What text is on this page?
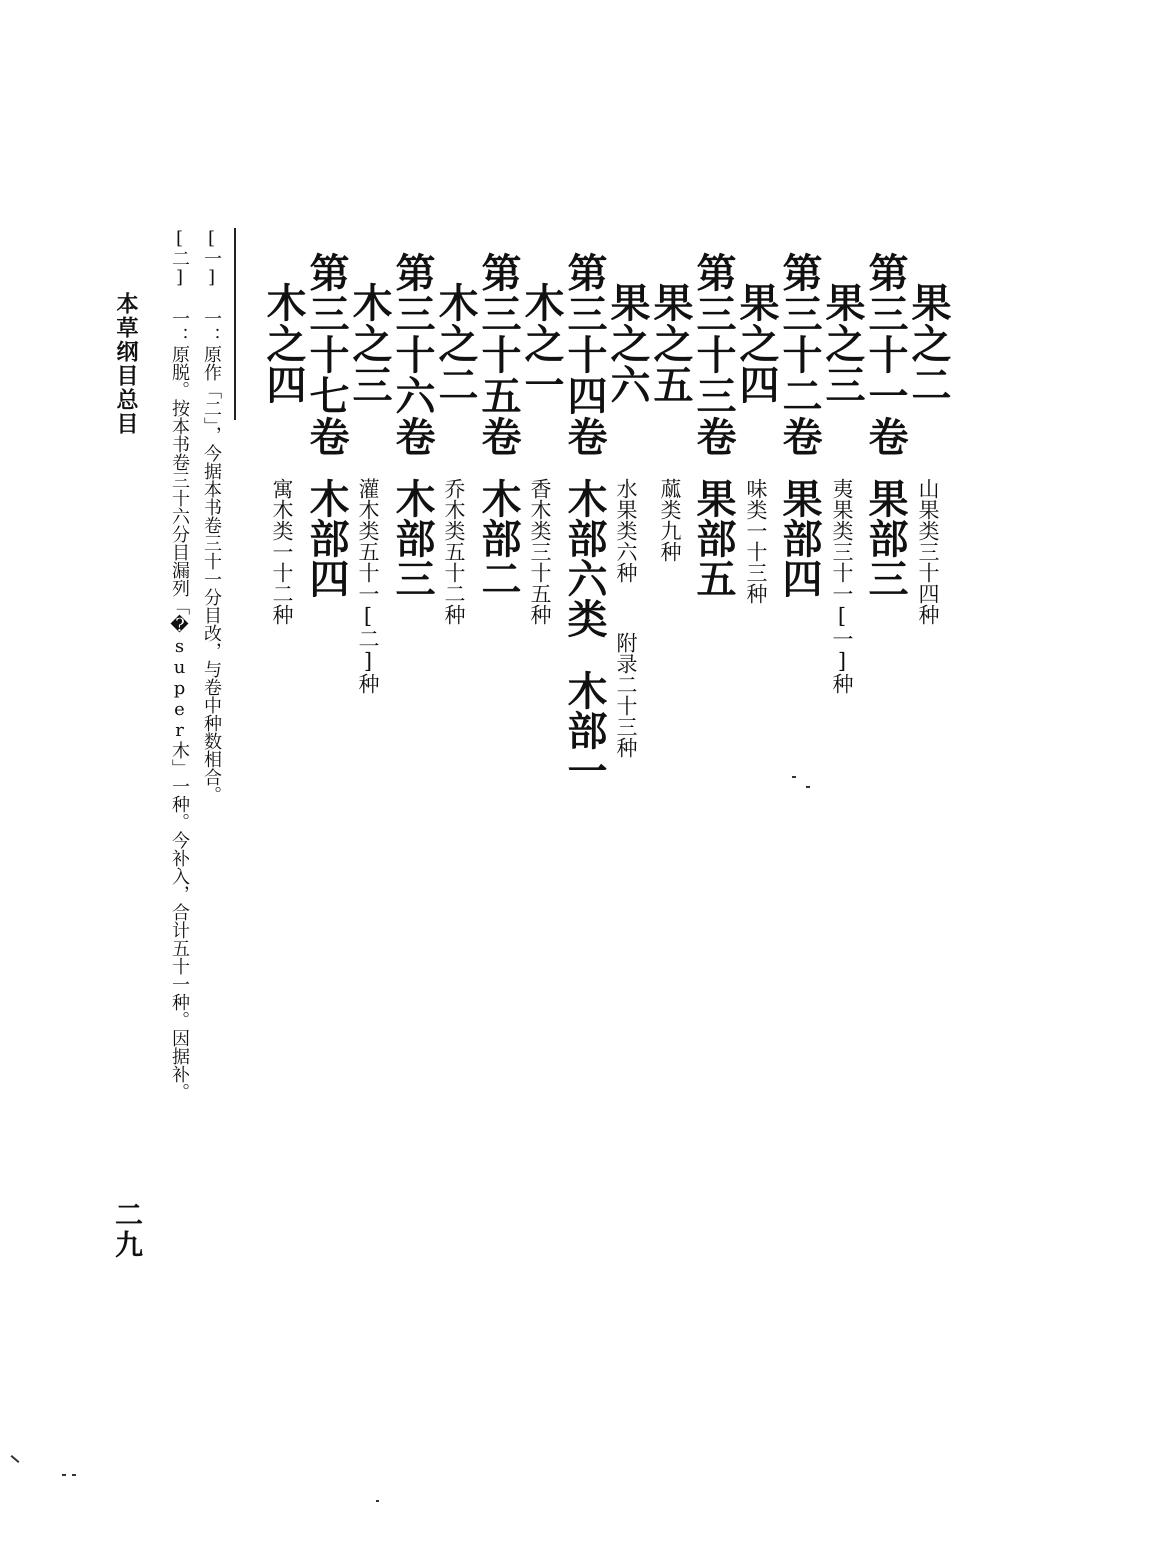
果之二
山果类三十四种
第三十一卷
果部三
果之三
夷果类三十一[一]种
第三十二卷
果部四
果之四
味类一十三种
第三十三卷
果部五
果之五
蓏类九种
果之六
水果类六种
附录二十三种
第三十四卷
木部六类
木部一
木之一
香木类三十五种
第三十五卷
木部二
木之二
乔木类五十二种
第三十六卷
木部三
木之三
灌木类五十一[二]种
第三十七卷
木部四
木之四
寓木类一十二种
[一] 一：原作「二」，今据本书卷三十一分目改，与卷中种数相合。
[二] 一：原脱。按本书卷三十六分目漏列「�super木」一种。今补入，合计五十一种。因据补。
本草纲目总目
二九
